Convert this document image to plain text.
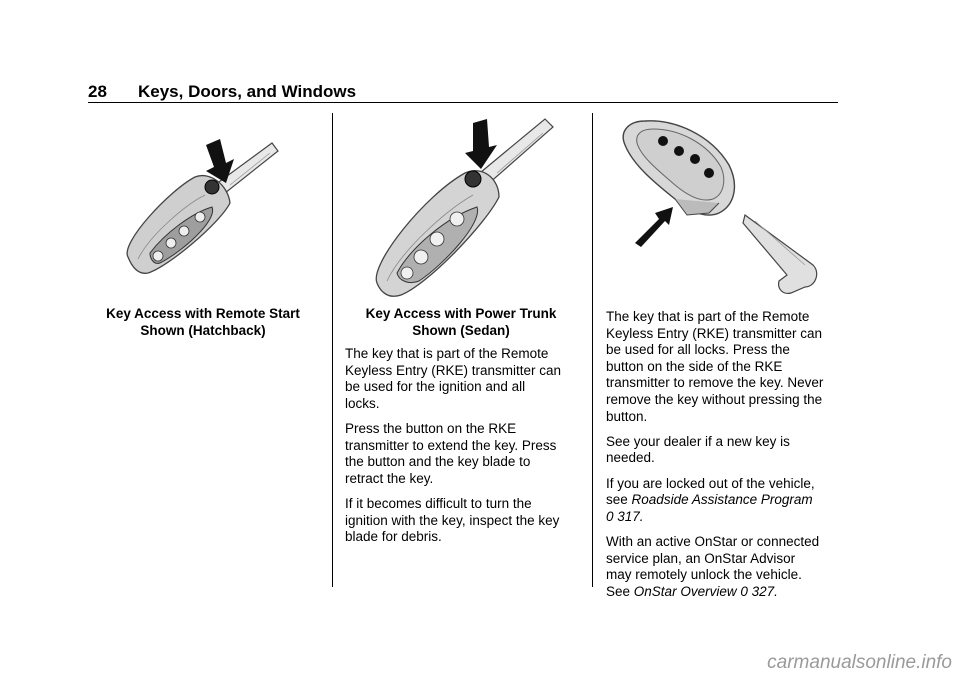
28 Keys, Doors, and Windows
Key Access with Remote Start
Shown (Hatchback)
Key Access with Power Trunk
Shown (Sedan)

The key that is part of the Remote
Keyless Entry (RKE) transmitter can
be used for the ignition and all
locks.

Press the button on the RKE
transmitter to extend the key. Press
the button and the key blade to
retract the key.

If it becomes difficult to turn the
ignition with the key, inspect the key
blade for debris.

The key that is part of the Remote
Keyless Entry (RKE) transmitter can
be used for all locks. Press the
button on the side of the RKE
transmitter to remove the key. Never
remove the key without pressing the
button.

See your dealer if a new key is
needed.

If you are locked out of the vehicle,
see Roadside Assistance Program
0 317.

With an active OnStar or connected
service plan, an OnStar Advisor
may remotely unlock the vehicle.
See OnStar Overview 0 327.

carmanualsonline.info
